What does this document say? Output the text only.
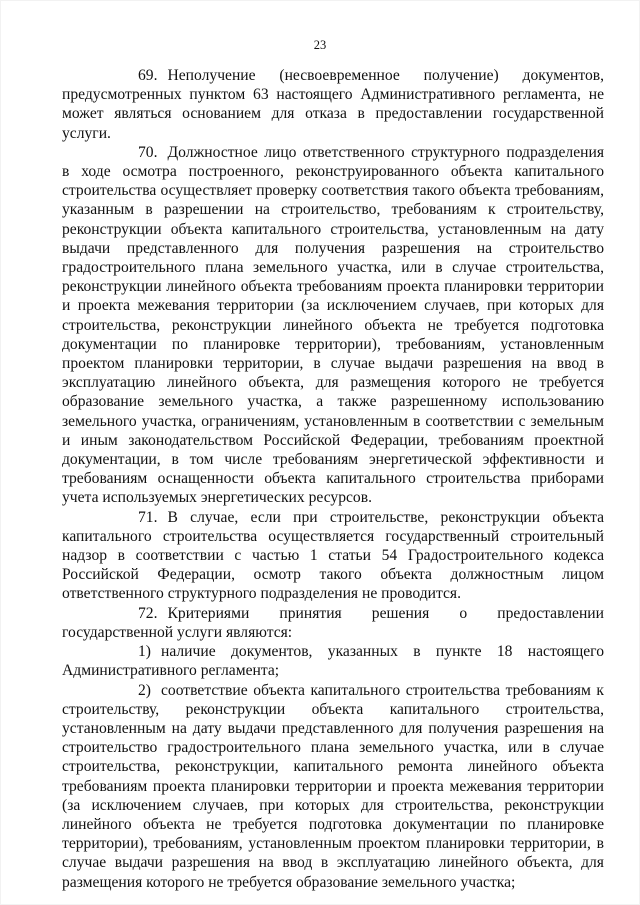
23

69. Неполучение (несвоевременное получение) документов, предусмотренных пунктом 63 настоящего Административного регламента, не может являться основанием для отказа в предоставлении государственной услуги.

70. Должностное лицо ответственного структурного подразделения в ходе осмотра построенного, реконструированного объекта капитального строительства осуществляет проверку соответствия такого объекта требованиям, указанным в разрешении на строительство, требованиям к строительству, реконструкции объекта капитального строительства, установленным на дату выдачи представленного для получения разрешения на строительство градостроительного плана земельного участка, или в случае строительства, реконструкции линейного объекта требованиям проекта планировки территории и проекта межевания территории (за исключением случаев, при которых для строительства, реконструкции линейного объекта не требуется подготовка документации по планировке территории), требованиям, установленным проектом планировки территории, в случае выдачи разрешения на ввод в эксплуатацию линейного объекта, для размещения которого не требуется образование земельного участка, а также разрешенному использованию земельного участка, ограничениям, установленным в соответствии с земельным и иным законодательством Российской Федерации, требованиям проектной документации, в том числе требованиям энергетической эффективности и требованиям оснащенности объекта капитального строительства приборами учета используемых энергетических ресурсов.

71. В случае, если при строительстве, реконструкции объекта капитального строительства осуществляется государственный строительный надзор в соответствии с частью 1 статьи 54 Градостроительного кодекса Российской Федерации, осмотр такого объекта должностным лицом ответственного структурного подразделения не проводится.

72. Критериями принятия решения о предоставлении государственной услуги являются:

1) наличие документов, указанных в пункте 18 настоящего Административного регламента;

2) соответствие объекта капитального строительства требованиям к строительству, реконструкции объекта капитального строительства, установленным на дату выдачи представленного для получения разрешения на строительство градостроительного плана земельного участка, или в случае строительства, реконструкции, капитального ремонта линейного объекта требованиям проекта планировки территории и проекта межевания территории (за исключением случаев, при которых для строительства, реконструкции линейного объекта не требуется подготовка документации по планировке территории), требованиям, установленным проектом планировки территории, в случае выдачи разрешения на ввод в эксплуатацию линейного объекта, для размещения которого не требуется образование земельного участка;
